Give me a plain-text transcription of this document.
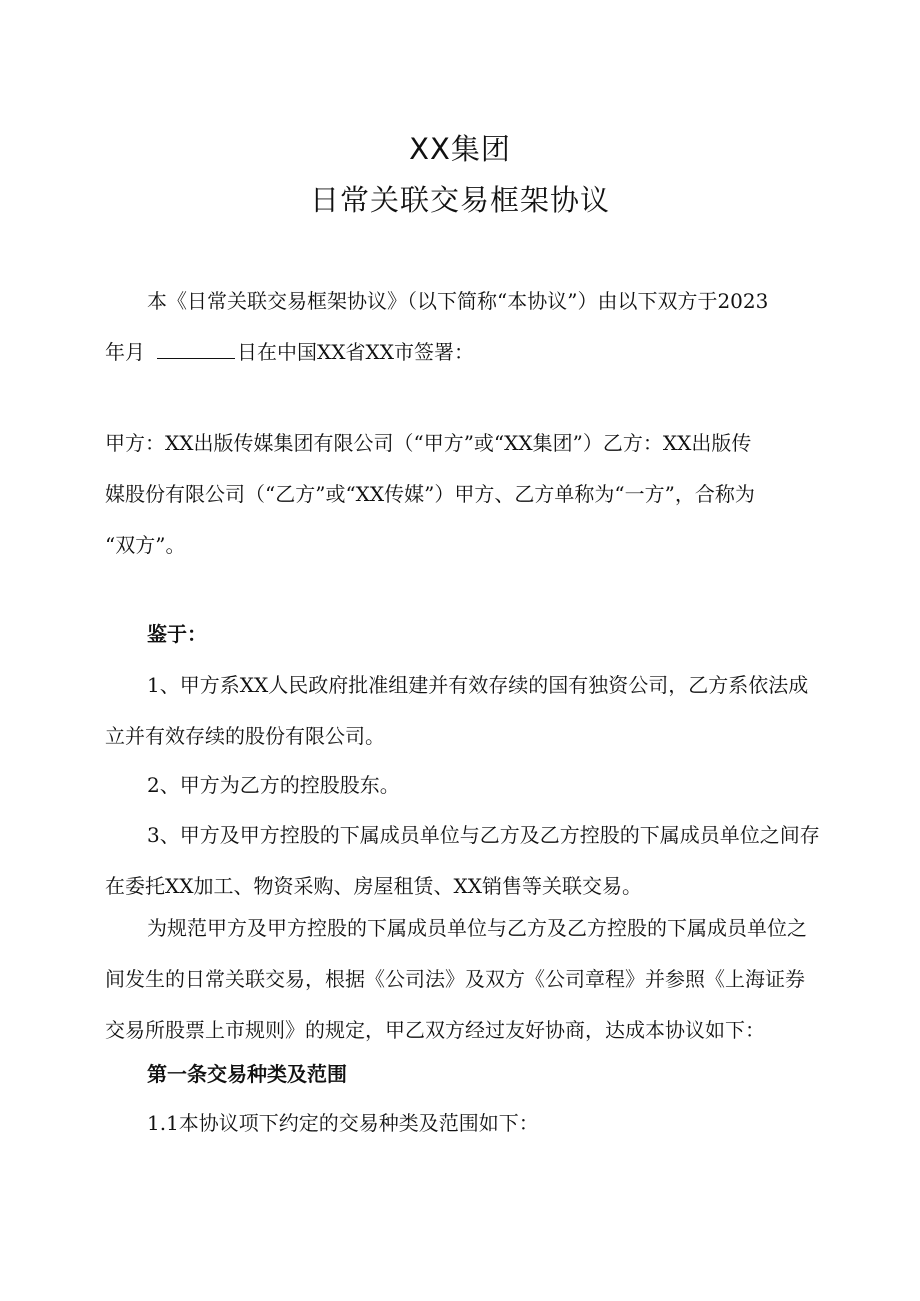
XX集团
日常关联交易框架协议
本《日常关联交易框架协议》（以下简称“本协议”）由以下双方于2023
年月	日在中国XX省XX市签署：
甲方：XX出版传媒集团有限公司（“甲方”或“XX集团”）乙方：XX出版传
媒股份有限公司（“乙方”或“XX传媒”）甲方、乙方单称为“一方”，合称为
“双方”。
鉴于：
1、甲方系XX人民政府批准组建并有效存续的国有独资公司，乙方系依法成
立并有效存续的股份有限公司。
2、甲方为乙方的控股股东。
3、甲方及甲方控股的下属成员单位与乙方及乙方控股的下属成员单位之间存
在委托XX加工、物资采购、房屋租赁、XX销售等关联交易。
为规范甲方及甲方控股的下属成员单位与乙方及乙方控股的下属成员单位之
间发生的日常关联交易，根据《公司法》及双方《公司章程》并参照《上海证券
交易所股票上市规则》的规定，甲乙双方经过友好协商，达成本协议如下：
第一条交易种类及范围
1.1本协议项下约定的交易种类及范围如下：
